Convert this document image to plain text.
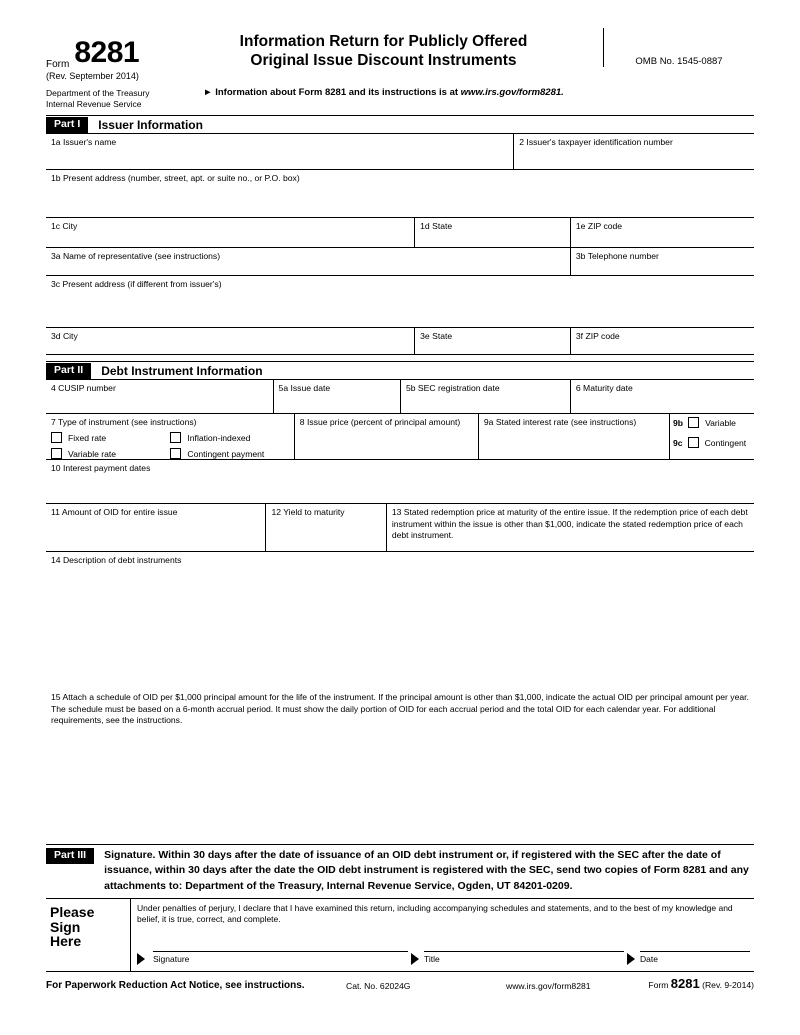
Form 8281
(Rev. September 2014)
Department of the Treasury
Internal Revenue Service
Information Return for Publicly Offered
Original Issue Discount Instruments
► Information about Form 8281 and its instructions is at www.irs.gov/form8281.
OMB No. 1545-0887
Part I	Issuer Information
1a Issuer's name	2 Issuer's taxpayer identification number
1b Present address (number, street, apt. or suite no., or P.O. box)
1c City	1d State	1e ZIP code
3a Name of representative (see instructions)	3b Telephone number
3c Present address (if different from issuer's)
3d City	3e State	3f ZIP code
Part II	Debt Instrument Information
4 CUSIP number	5a Issue date	5b SEC registration date	6 Maturity date
7 Type of instrument (see instructions)
Fixed rate	Inflation-indexed
Variable rate	Contingent payment
8 Issue price (percent of principal amount)	9a Stated interest rate (see instructions)	9b	Variable
9c	Contingent
10 Interest payment dates
11 Amount of OID for entire issue	12 Yield to maturity	13 Stated redemption price at maturity of the entire issue. If the redemption price of each debt instrument within the issue is other than $1,000, indicate the stated redemption price of each debt instrument.
14 Description of debt instruments
15 Attach a schedule of OID per $1,000 principal amount for the life of the instrument. If the principal amount is other than $1,000, indicate the actual OID per principal amount per year. The schedule must be based on a 6-month accrual period. It must show the daily portion of OID for each accrual period and the total OID for each calendar year. For additional requirements, see the instructions.
Part III	Signature. Within 30 days after the date of issuance of an OID debt instrument or, if registered with the SEC after the date of issuance, within 30 days after the date the OID debt instrument is registered with the SEC, send two copies of Form 8281 and any attachments to: Department of the Treasury, Internal Revenue Service, Ogden, UT 84201-0209.
Please
Sign
Here
Under penalties of perjury, I declare that I have examined this return, including accompanying schedules and statements, and to the best of my knowledge and belief, it is true, correct, and complete.
Signature	Title	Date
For Paperwork Reduction Act Notice, see instructions.	Cat. No. 62024G	www.irs.gov/form8281	Form 8281 (Rev. 9-2014)
